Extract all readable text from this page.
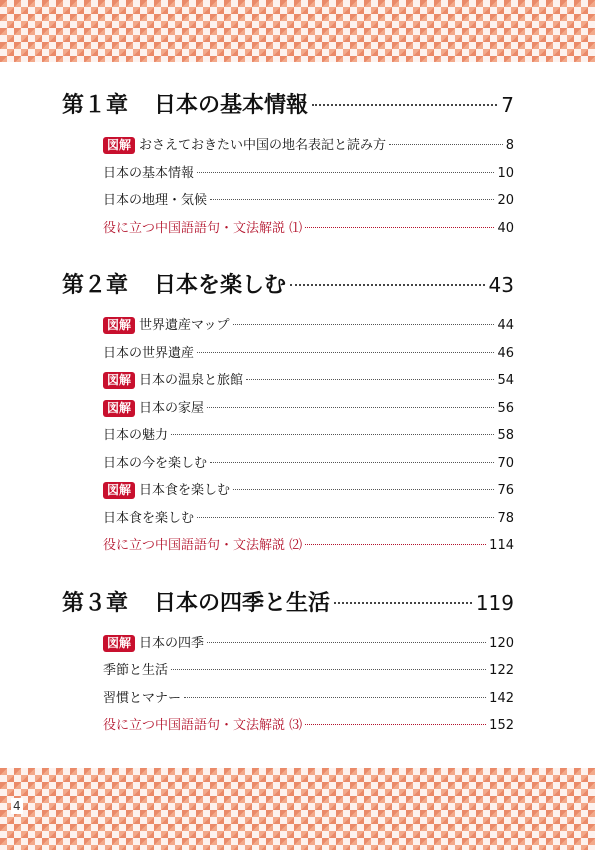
第１章	日本の基本情報	7
図解 おさえておきたい中国の地名表記と読み方	8
日本の基本情報	10
日本の地理・気候	20
役に立つ中国語語句・文法解説 ⑴	40
第２章	日本を楽しむ	43
図解 世界遺産マップ	44
日本の世界遺産	46
図解 日本の温泉と旅館	54
図解 日本の家屋	56
日本の魅力	58
日本の今を楽しむ	70
図解 日本食を楽しむ	76
日本食を楽しむ	78
役に立つ中国語語句・文法解説 ⑵	114
第３章	日本の四季と生活	119
図解 日本の四季	120
季節と生活	122
習慣とマナー	142
役に立つ中国語語句・文法解説 ⑶	152
4
